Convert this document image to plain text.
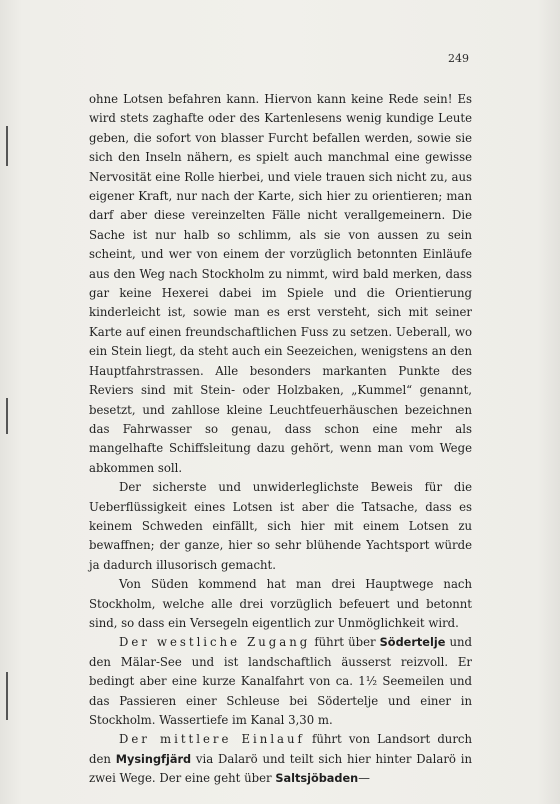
249

ohne Lotsen befahren kann. Hiervon kann keine Rede sein! Es wird stets zaghafte oder des Kartenlesens wenig kundige Leute geben, die sofort von blasser Furcht befallen werden, sowie sie sich den Inseln nähern, es spielt auch manchmal eine gewisse Nervosität eine Rolle hierbei, und viele trauen sich nicht zu, aus eigener Kraft, nur nach der Karte, sich hier zu orientieren; man darf aber diese vereinzelten Fälle nicht verallgemeinern. Die Sache ist nur halb so schlimm, als sie von aussen zu sein scheint, und wer von einem der vorzüglich betonnten Einläufe aus den Weg nach Stockholm zu nimmt, wird bald merken, dass gar keine Hexerei dabei im Spiele und die Orientierung kinderleicht ist, sowie man es erst versteht, sich mit seiner Karte auf einen freundschaftlichen Fuss zu setzen. Ueberall, wo ein Stein liegt, da steht auch ein Seezeichen, wenigstens an den Hauptfahrstrassen. Alle besonders markanten Punkte des Reviers sind mit Stein- oder Holzbaken, „Kummel“ genannt, besetzt, und zahllose kleine Leuchtfeuerhäuschen bezeichnen das Fahrwasser so genau, dass schon eine mehr als mangelhafte Schiffsleitung dazu gehört, wenn man vom Wege abkommen soll.

Der sicherste und unwiderleglichste Beweis für die Ueberflüssigkeit eines Lotsen ist aber die Tatsache, dass es keinem Schweden einfällt, sich hier mit einem Lotsen zu bewaffnen; der ganze, hier so sehr blühende Yachtsport würde ja dadurch illusorisch gemacht.

Von Süden kommend hat man drei Hauptwege nach Stockholm, welche alle drei vorzüglich befeuert und betonnt sind, so dass ein Versegeln eigentlich zur Unmöglichkeit wird.

Der westliche Zugang führt über Södertelje und den Mälar-See und ist landschaftlich äusserst reizvoll. Er bedingt aber eine kurze Kanalfahrt von ca. 1½ Seemeilen und das Passieren einer Schleuse bei Södertelje und einer in Stockholm. Wassertiefe im Kanal 3,30 m.

Der mittlere Einlauf führt von Landsort durch den Mysingfjärd via Dalarö und teilt sich hier hinter Dalarö in zwei Wege. Der eine geht über Saltsjöbaden—
